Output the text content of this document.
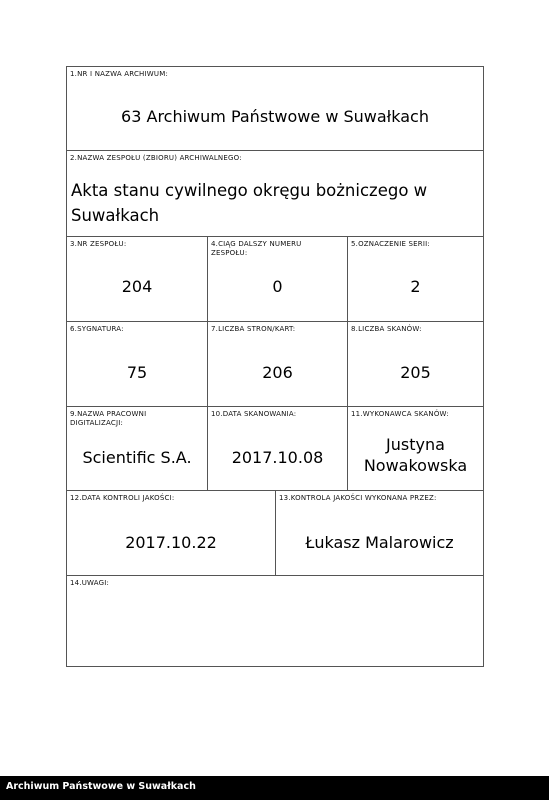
1.NR I NAZWA ARCHIWUM:
63 Archiwum Państwowe w Suwałkach
2.NAZWA ZESPOŁU (ZBIORU) ARCHIWALNEGO:
Akta stanu cywilnego okręgu bożniczego w
Suwałkach
3.NR ZESPOŁU:
204
4.CIĄG DALSZY NUMERU
ZESPOŁU:
0
5.OZNACZENIE SERII:
2
6.SYGNATURA:
75
7.LICZBA STRON/KART:
206
8.LICZBA SKANÓW:
205
9.NAZWA PRACOWNI
DIGITALIZACJI:
Scientific S.A.
10.DATA SKANOWANIA:
2017.10.08
11.WYKONAWCA SKANÓW:
Justyna
Nowakowska
12.DATA KONTROLI JAKOŚCI:
2017.10.22
13.KONTROLA JAKOŚCI WYKONANA PRZEZ:
Łukasz Malarowicz
14.UWAGI:
Archiwum Państwowe w Suwałkach
